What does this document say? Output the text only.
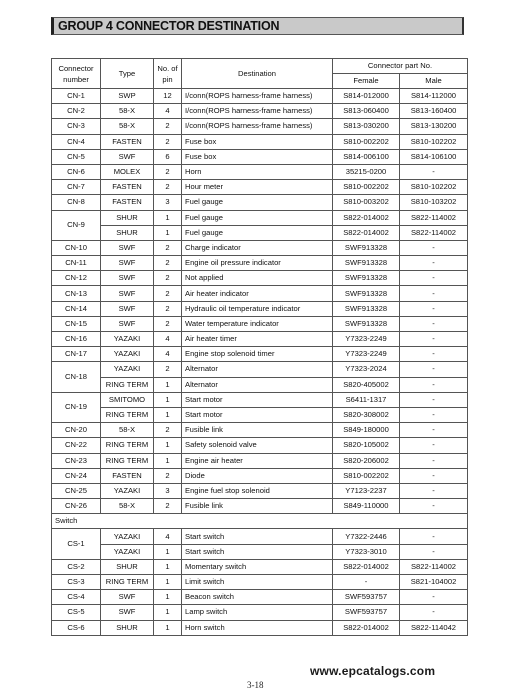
GROUP 4 CONNECTOR DESTINATION
Connector number	Type	No. of pin	Destination	Connector part No.	
				Female	Male
CN-1	SWP	12	I/conn(ROPS harness-frame harness)	S814-012000	S814-112000
CN-2	58-X	4	I/conn(ROPS harness-frame harness)	S813-060400	S813-160400
CN-3	58-X	2	I/conn(ROPS harness-frame harness)	S813-030200	S813-130200
CN-4	FASTEN	2	Fuse box	S810-002202	S810-102202
CN-5	SWF	6	Fuse box	S814-006100	S814-106100
CN-6	MOLEX	2	Horn	35215-0200	-
CN-7	FASTEN	2	Hour meter	S810-002202	S810-102202
CN-8	FASTEN	3	Fuel gauge	S810-003202	S810-103202
CN-9	SHUR	1	Fuel gauge	S822-014002	S822-114002
	SHUR	1	Fuel gauge	S822-014002	S822-114002
CN-10	SWF	2	Charge indicator	SWF913328	-
CN-11	SWF	2	Engine oil pressure indicator	SWF913328	-
CN-12	SWF	2	Not applied	SWF913328	-
CN-13	SWF	2	Air heater indicator	SWF913328	-
CN-14	SWF	2	Hydraulic oil temperature indicator	SWF913328	-
CN-15	SWF	2	Water temperature indicator	SWF913328	-
CN-16	YAZAKI	4	Air heater timer	Y7323-2249	-
CN-17	YAZAKI	4	Engine stop solenoid timer	Y7323-2249	-
CN-18	YAZAKI	2	Alternator	Y7323-2024	-
	RING TERM	1	Alternator	S820-405002	-
CN-19	SMITOMO	1	Start motor	S6411-1317	-
	RING TERM	1	Start motor	S820-308002	-
CN-20	58-X	2	Fusible link	S849-180000	-
CN-22	RING TERM	1	Safety solenoid valve	S820-105002	-
CN-23	RING TERM	1	Engine air heater	S820-206002	-
CN-24	FASTEN	2	Diode	S810-002202	-
CN-25	YAZAKI	3	Engine fuel stop solenoid	Y7123-2237	-
CN-26	58-X	2	Fusible link	S849-110000	-
Switch					
CS-1	YAZAKI	4	Start switch	Y7322-2446	-
	YAZAKI	1	Start switch	Y7323-3010	-
CS-2	SHUR	1	Momentary switch	S822-014002	S822-114002
CS-3	RING TERM	1	Limit switch	-	S821-104002
CS-4	SWF	1	Beacon switch	SWF593757	-
CS-5	SWF	1	Lamp switch	SWF593757	-
CS-6	SHUR	1	Horn switch	S822-014002	S822-114042
www.epcatalogs.com
3-18
